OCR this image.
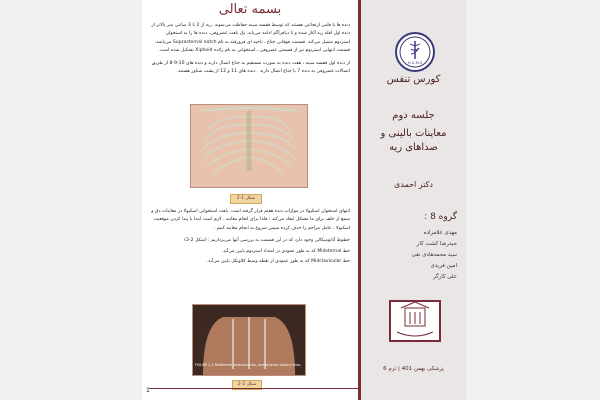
بسمه تعالی

دنده ها یا فلس ازتجاعی هستند که توسط قفسه سینه حفاظت می‌شوند. ریه از 2 تا 3 سانتی متر بالاتر از دنده اول اقله ریه آغاز شده و تا دیافراگم ادامه می‌یابد. یک بافت غضروفی، دنده ها را به استخوان استرنوم متصل می‌کند. قسمت فوقانی جناغ ، ناحیه ای فرورفته به نام Suprasternal notch می‌باشد. قسمت انتهایی استرنوم نیز از قسمتی غضروفی ـ استخوانی به نام زائده Xiphoid تشکیل شده است.

از دنده اول قفسه سینه ، هفت دنده به صورت مستقیم به جناغ اتصال دارند و دنده های 10-9-8 از طریق اتصالات غضروفی به دنده 7 یا جناغ اتصال دارند . دنده های 11 و 12 از پشت شناور هستند.

شکل 1-2

انتهای استخوان اسکپولا در موازات دنده هفتم قرار گرفته است. بافت استخوانی اسکپولا در معاینات دق و سمع از خلف برای ما مشکل ایجاد می‌کند ؛ فلذا برای انجام معاینه ، لازم است ابتدا با پیدا کردن موقعیت اسکپولا ، عامل مزاحم را حذف کرده سپس شروع به انجام معاینه کنیم .

خطوط آناتومیکالی وجود دارد که در این قسمت به بررسی آنها می‌پردازیم : (شکل 2-2)

خط Midsternal که به طور عمودی در امتداد استرنوم پایین می‌آید.

خط Midclavicular که به طور عمودی از نقطه وسط کلاویکل پایین می‌آید.

FIGURE 2-2 Midsternal, midclavicular, and anterior axillary lines.
شکل 2-2
1
H-U-M-S
کورس تنفس
جلسه دوم
معاینات بالینی و
صداهای ریه
دکتر احمدی
گروه 8 :
مهدی غلامزاده
حیدرضا کشت کار
سید محمدهادی نقی
امین فریدی
علی کارگر
پزشکی بهمن 401 | ترم 6
